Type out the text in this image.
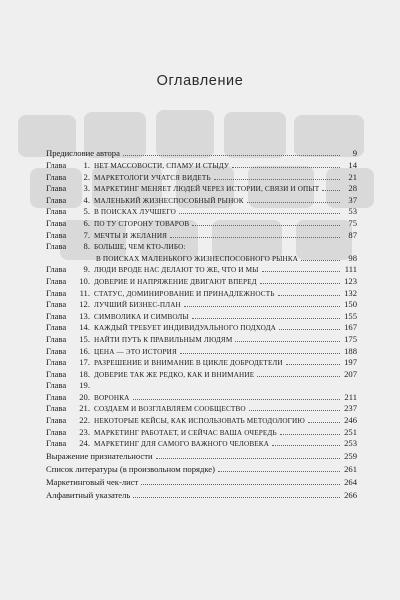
Оглавление
Предисловие автора	9
Глава	1. НЕТ МАССОВОСТИ, СПАМУ И СТЫДУ	14
Глава	2. МАРКЕТОЛОГИ УЧАТСЯ ВИДЕТЬ	21
Глава	3. МАРКЕТИНГ МЕНЯЕТ ЛЮДЕЙ ЧЕРЕЗ ИСТОРИИ, СВЯЗИ И ОПЫТ	28
Глава	4. МАЛЕНЬКИЙ ЖИЗНЕСПОСОБНЫЙ РЫНОК	37
Глава	5. В ПОИСКАХ ЛУЧШЕГО	53
Глава	6. ПО ТУ СТОРОНУ ТОВАРОВ	75
Глава	7. МЕЧТЫ И ЖЕЛАНИЯ	87
Глава	8. БОЛЬШЕ, ЧЕМ КТО-ЛИБО:
В ПОИСКАХ МАЛЕНЬКОГО ЖИЗНЕСПОСОБНОГО РЫНКА	98
Глава	9. ЛЮДИ ВРОДЕ НАС ДЕЛАЮТ ТО ЖЕ, ЧТО И МЫ	111
Глава	10. ДОВЕРИЕ И НАПРЯЖЕНИЕ ДВИГАЮТ ВПЕРЕД	123
Глава	11. СТАТУС, ДОМИНИРОВАНИЕ И ПРИНАДЛЕЖНОСТЬ	132
Глава	12. ЛУЧШИЙ БИЗНЕС-ПЛАН	150
Глава	13. СИМВОЛИКА И СИМВОЛЫ	155
Глава	14. КАЖДЫЙ ТРЕБУЕТ ИНДИВИДУАЛЬНОГО ПОДХОДА	167
Глава	15. НАЙТИ ПУТЬ К ПРАВИЛЬНЫМ ЛЮДЯМ	175
Глава	16. ЦЕНА — ЭТО ИСТОРИЯ	188
Глава	17. РАЗРЕШЕНИЕ И ВНИМАНИЕ В ЦИКЛЕ ДОБРОДЕТЕЛИ	197
Глава	18. ДОВЕРИЕ ТАК ЖЕ РЕДКО, КАК И ВНИМАНИЕ	207
Глава	19.
Глава	20. ВОРОНКА	211
Глава	21. СОЗДАЕМ И ВОЗГЛАВЛЯЕМ СООБЩЕСТВО	237
Глава	22. НЕКОТОРЫЕ КЕЙСЫ, КАК ИСПОЛЬЗОВАТЬ МЕТОДОЛОГИЮ	246
Глава	23. МАРКЕТИНГ РАБОТАЕТ, И СЕЙЧАС ВАША ОЧЕРЕДЬ	251
Глава	24. МАРКЕТИНГ ДЛЯ САМОГО ВАЖНОГО ЧЕЛОВЕКА	253
Выражение признательности	259
Список литературы (в произвольном порядке)	261
Маркетинговый чек-лист	264
Алфавитный указатель	266
